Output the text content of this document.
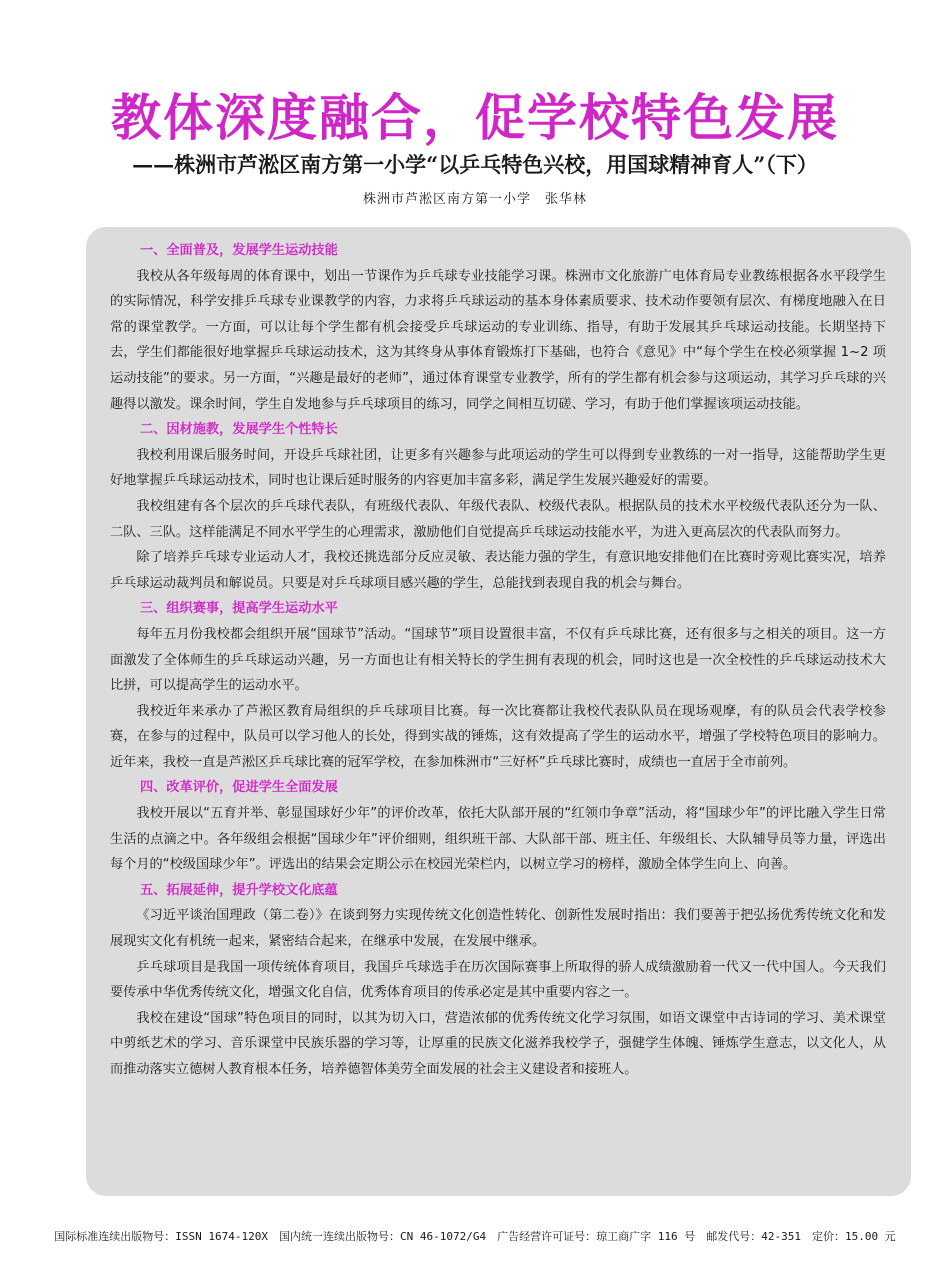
教体深度融合，促学校特色发展
——株洲市芦淞区南方第一小学“以乒乓特色兴校，用国球精神育人”（下）
株洲市芦淞区南方第一小学　张华林
一、全面普及，发展学生运动技能

我校从各年级每周的体育课中，划出一节课作为乒乓球专业技能学习课。株洲市文化旅游广电体育局专业教练根据各水平段学生的实际情况，科学安排乒乓球专业课教学的内容，力求将乒乓球运动的基本身体素质要求、技术动作要领有层次、有梯度地融入在日常的课堂教学。一方面，可以让每个学生都有机会接受乒乓球运动的专业训练、指导，有助于发展其乒乓球运动技能。长期坚持下去，学生们都能很好地掌握乒乓球运动技术，这为其终身从事体育锻炼打下基础，也符合《意见》中“每个学生在校必须掌握 1~2 项运动技能”的要求。另一方面，“兴趣是最好的老师”，通过体育课堂专业教学，所有的学生都有机会参与这项运动，其学习乒乓球的兴趣得以激发。课余时间，学生自发地参与乒乓球项目的练习，同学之间相互切磋、学习，有助于他们掌握该项运动技能。

二、因材施教，发展学生个性特长

我校利用课后服务时间，开设乒乓球社团，让更多有兴趣参与此项运动的学生可以得到专业教练的一对一指导，这能帮助学生更好地掌握乒乓球运动技术，同时也让课后延时服务的内容更加丰富多彩，满足学生发展兴趣爱好的需要。

我校组建有各个层次的乒乓球代表队，有班级代表队、年级代表队、校级代表队。根据队员的技术水平校级代表队还分为一队、二队、三队。这样能满足不同水平学生的心理需求，激励他们自觉提高乒乓球运动技能水平，为进入更高层次的代表队而努力。

除了培养乒乓球专业运动人才，我校还挑选部分反应灵敏、表达能力强的学生，有意识地安排他们在比赛时旁观比赛实况，培养乒乓球运动裁判员和解说员。只要是对乒乓球项目感兴趣的学生，总能找到表现自我的机会与舞台。

三、组织赛事，提高学生运动水平

每年五月份我校都会组织开展“国球节”活动。“国球节”项目设置很丰富，不仅有乒乓球比赛，还有很多与之相关的项目。这一方面激发了全体师生的乒乓球运动兴趣，另一方面也让有相关特长的学生拥有表现的机会，同时这也是一次全校性的乒乓球运动技术大比拼，可以提高学生的运动水平。

我校近年来承办了芦淞区教育局组织的乒乓球项目比赛。每一次比赛都让我校代表队队员在现场观摩，有的队员会代表学校参赛，在参与的过程中，队员可以学习他人的长处，得到实战的锤炼，这有效提高了学生的运动水平，增强了学校特色项目的影响力。近年来，我校一直是芦淞区乒乓球比赛的冠军学校，在参加株洲市“三好杯”乒乓球比赛时，成绩也一直居于全市前列。

四、改革评价，促进学生全面发展

我校开展以“五育并举、彰显国球好少年”的评价改革，依托大队部开展的“红领巾争章”活动，将“国球少年”的评比融入学生日常生活的点滴之中。各年级组会根据“国球少年”评价细则，组织班干部、大队部干部、班主任、年级组长、大队辅导员等力量，评选出每个月的“校级国球少年”。评选出的结果会定期公示在校园光荣栏内，以树立学习的榜样，激励全体学生向上、向善。

五、拓展延伸，提升学校文化底蕴

《习近平谈治国理政（第二卷）》在谈到努力实现传统文化创造性转化、创新性发展时指出：我们要善于把弘扬优秀传统文化和发展现实文化有机统一起来，紧密结合起来，在继承中发展，在发展中继承。

乒乓球项目是我国一项传统体育项目，我国乒乓球选手在历次国际赛事上所取得的骄人成绩激励着一代又一代中国人。今天我们要传承中华优秀传统文化，增强文化自信，优秀体育项目的传承必定是其中重要内容之一。

我校在建设“国球”特色项目的同时，以其为切入口，营造浓郁的优秀传统文化学习氛围，如语文课堂中古诗词的学习、美术课堂中剪纸艺术的学习、音乐课堂中民族乐器的学习等，让厚重的民族文化滋养我校学子，强健学生体魄、锤炼学生意志，以文化人，从而推动落实立德树人教育根本任务，培养德智体美劳全面发展的社会主义建设者和接班人。

国际标准连续出版物号：ISSN 1674-120X　国内统一连续出版物号：CN 46-1072/G4　广告经营许可证号：琼工商广字 116 号　邮发代号：42-351　定价：15.00 元
